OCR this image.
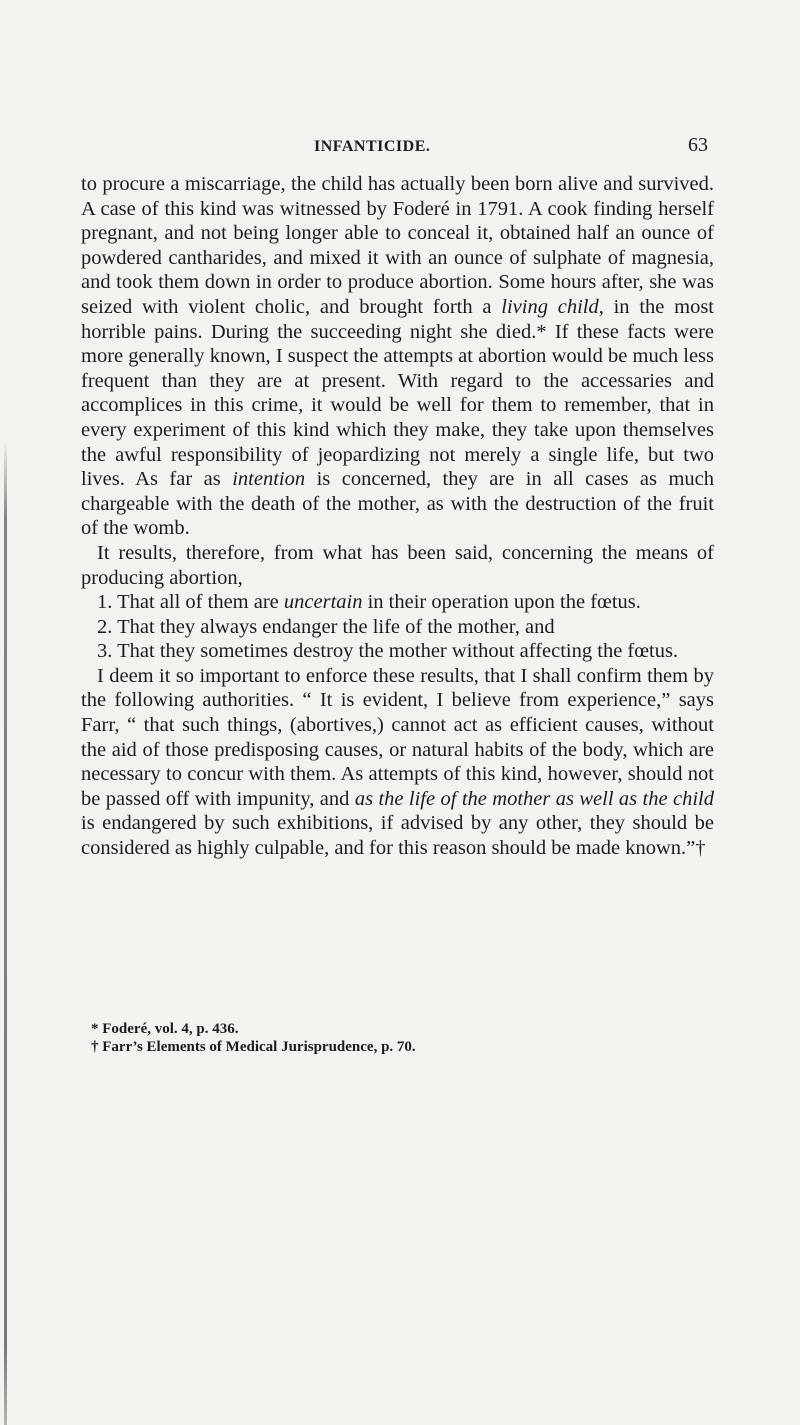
INFANTICIDE.	63

to procure a miscarriage, the child has actually been born alive and survived. A case of this kind was witnessed by Foderé in 1791. A cook finding herself pregnant, and not being longer able to conceal it, obtained half an ounce of powdered cantharides, and mixed it with an ounce of sulphate of magnesia, and took them down in order to produce abortion. Some hours after, she was seized with violent cholic, and brought forth a living child, in the most horrible pains. During the succeeding night she died.* If these facts were more generally known, I suspect the attempts at abortion would be much less frequent than they are at present. With regard to the accessaries and accomplices in this crime, it would be well for them to remember, that in every experiment of this kind which they make, they take upon themselves the awful responsibility of jeopardizing not merely a single life, but two lives. As far as intention is concerned, they are in all cases as much chargeable with the death of the mother, as with the destruction of the fruit of the womb.

It results, therefore, from what has been said, concerning the means of producing abortion,

1. That all of them are uncertain in their operation upon the fœtus.

2. That they always endanger the life of the mother, and

3. That they sometimes destroy the mother without affecting the fœtus.

I deem it so important to enforce these results, that I shall confirm them by the following authorities. “ It is evident, I believe from experience,” says Farr, “ that such things, (abortives,) cannot act as efficient causes, without the aid of those predisposing causes, or natural habits of the body, which are necessary to concur with them. As attempts of this kind, however, should not be passed off with impunity, and as the life of the mother as well as the child is endangered by such exhibitions, if advised by any other, they should be considered as highly culpable, and for this reason should be made known.”†

* Foderé, vol. 4, p. 436.

† Farr’s Elements of Medical Jurisprudence, p. 70.
